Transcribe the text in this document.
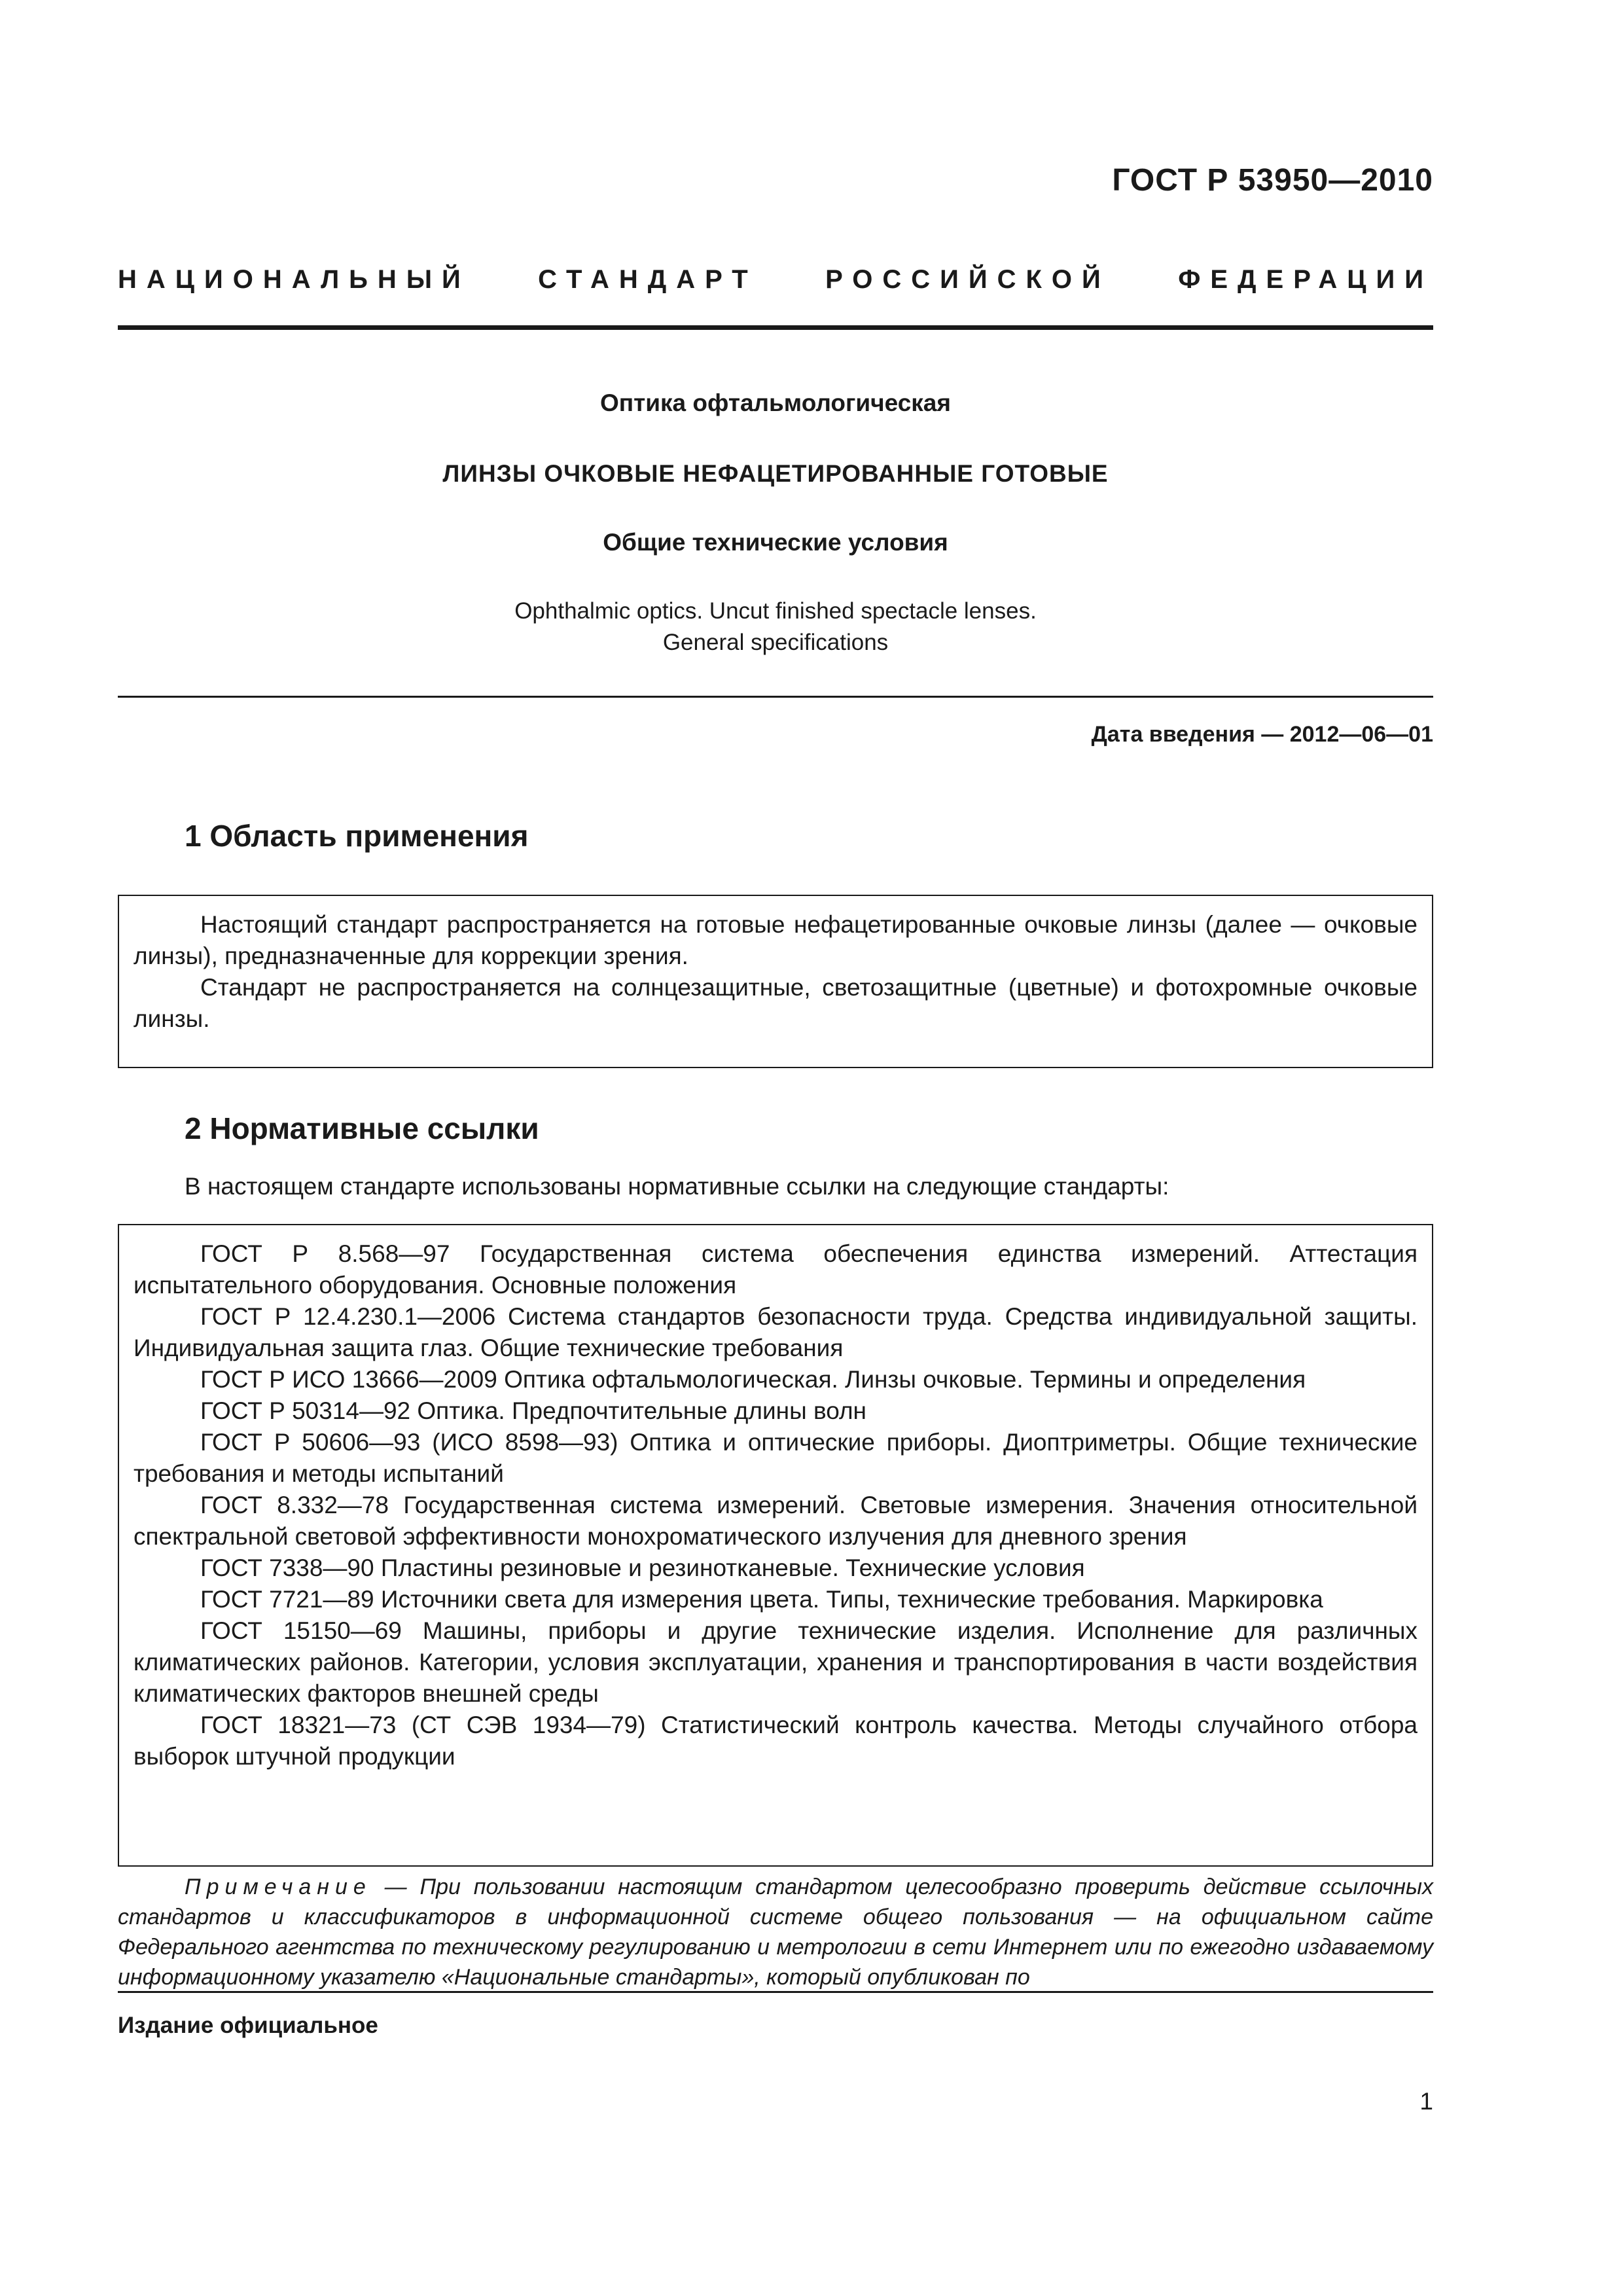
ГОСТ Р 53950—2010
НАЦИОНАЛЬНЫЙ	СТАНДАРТ	РОССИЙСКОЙ	ФЕДЕРАЦИИ
Оптика офтальмологическая
ЛИНЗЫ ОЧКОВЫЕ НЕФАЦЕТИРОВАННЫЕ ГОТОВЫЕ
Общие технические условия
Ophthalmic optics. Uncut finished spectacle lenses.
General specifications
Дата введения — 2012—06—01
1 Область применения

Настоящий стандарт распространяется на готовые нефацетированные очковые линзы (далее — очковые линзы), предназначенные для коррекции зрения.

Стандарт не распространяется на солнцезащитные, светозащитные (цветные) и фотохромные очковые линзы.

2 Нормативные ссылки
В настоящем стандарте использованы нормативные ссылки на следующие стандарты:

ГОСТ Р 8.568—97 Государственная система обеспечения единства измерений. Аттестация испытательного оборудования. Основные положения

ГОСТ Р 12.4.230.1—2006 Система стандартов безопасности труда. Средства индивидуальной защиты. Индивидуальная защита глаз. Общие технические требования

ГОСТ Р ИСО 13666—2009 Оптика офтальмологическая. Линзы очковые. Термины и определения

ГОСТ Р 50314—92 Оптика. Предпочтительные длины волн

ГОСТ Р 50606—93 (ИСО 8598—93) Оптика и оптические приборы. Диоптриметры. Общие технические требования и методы испытаний

ГОСТ 8.332—78 Государственная система измерений. Световые измерения. Значения относительной спектральной световой эффективности монохроматического излучения для дневного зрения

ГОСТ 7338—90 Пластины резиновые и резинотканевые. Технические условия

ГОСТ 7721—89 Источники света для измерения цвета. Типы, технические требования. Маркировка

ГОСТ 15150—69 Машины, приборы и другие технические изделия. Исполнение для различных климатических районов. Категории, условия эксплуатации, хранения и транспортирования в части воздействия климатических факторов внешней среды

ГОСТ 18321—73 (СТ СЭВ 1934—79) Статистический контроль качества. Методы случайного отбора выборок штучной продукции

Примечание — При пользовании настоящим стандартом целесообразно проверить действие ссылочных стандартов и классификаторов в информационной системе общего пользования — на официальном сайте Федерального агентства по техническому регулированию и метрологии в сети Интернет или по ежегодно издаваемому информационному указателю «Национальные стандарты», который опубликован по

Издание официальное
1
